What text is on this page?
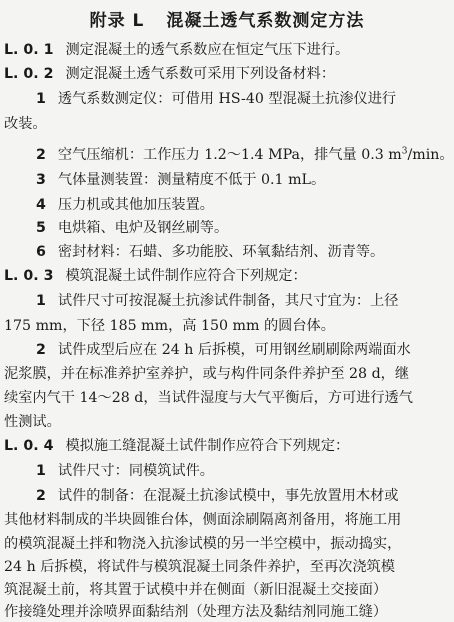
附录 L 混凝土透气系数测定方法
L. 0. 1 测定混凝土的透气系数应在恒定气压下进行。
L. 0. 2 测定混凝土透气系数可采用下列设备材料：
1 透气系数测定仪：可借用 HS-40 型混凝土抗渗仪进行
改装。
2 空气压缩机：工作压力 1.2～1.4 MPa，排气量 0.3 $m^3/\min$。
3 气体量测装置：测量精度不低于 0.1 mL。
4 压力机或其他加压装置。
5 电烘箱、电炉及钢丝刷等。
6 密封材料：石蜡、多功能胶、环氧黏结剂、沥青等。
L. 0. 3 模筑混凝土试件制作应符合下列规定：
1 试件尺寸可按混凝土抗渗试件制备，其尺寸宜为：上径
175 mm，下径 185 mm，高 150 mm 的圆台体。
2 试件成型后应在 24 h 后拆模，可用钢丝刷刷除两端面水
泥浆膜，并在标准养护室养护，或与构件同条件养护至 28 d，继
续室内气干 14～28 d，当试件湿度与大气平衡后，方可进行透气
性测试。
L. 0. 4 模拟施工缝混凝土试件制作应符合下列规定：
1 试件尺寸：同模筑试件。
2 试件的制备：在混凝土抗渗试模中，事先放置用木材或
其他材料制成的半块圆锥台体，侧面涂刷隔离剂备用，将施工用
的模筑混凝土拌和物浇入抗渗试模的另一半空模中，振动捣实，
24 h 后拆模，将试件与模筑混凝土同条件养护，至再次浇筑模
筑混凝土前，将其置于试模中并在侧面（新旧混凝土交接面）
作接缝处理并涂喷界面黏结剂（处理方法及黏结剂同施工缝）
